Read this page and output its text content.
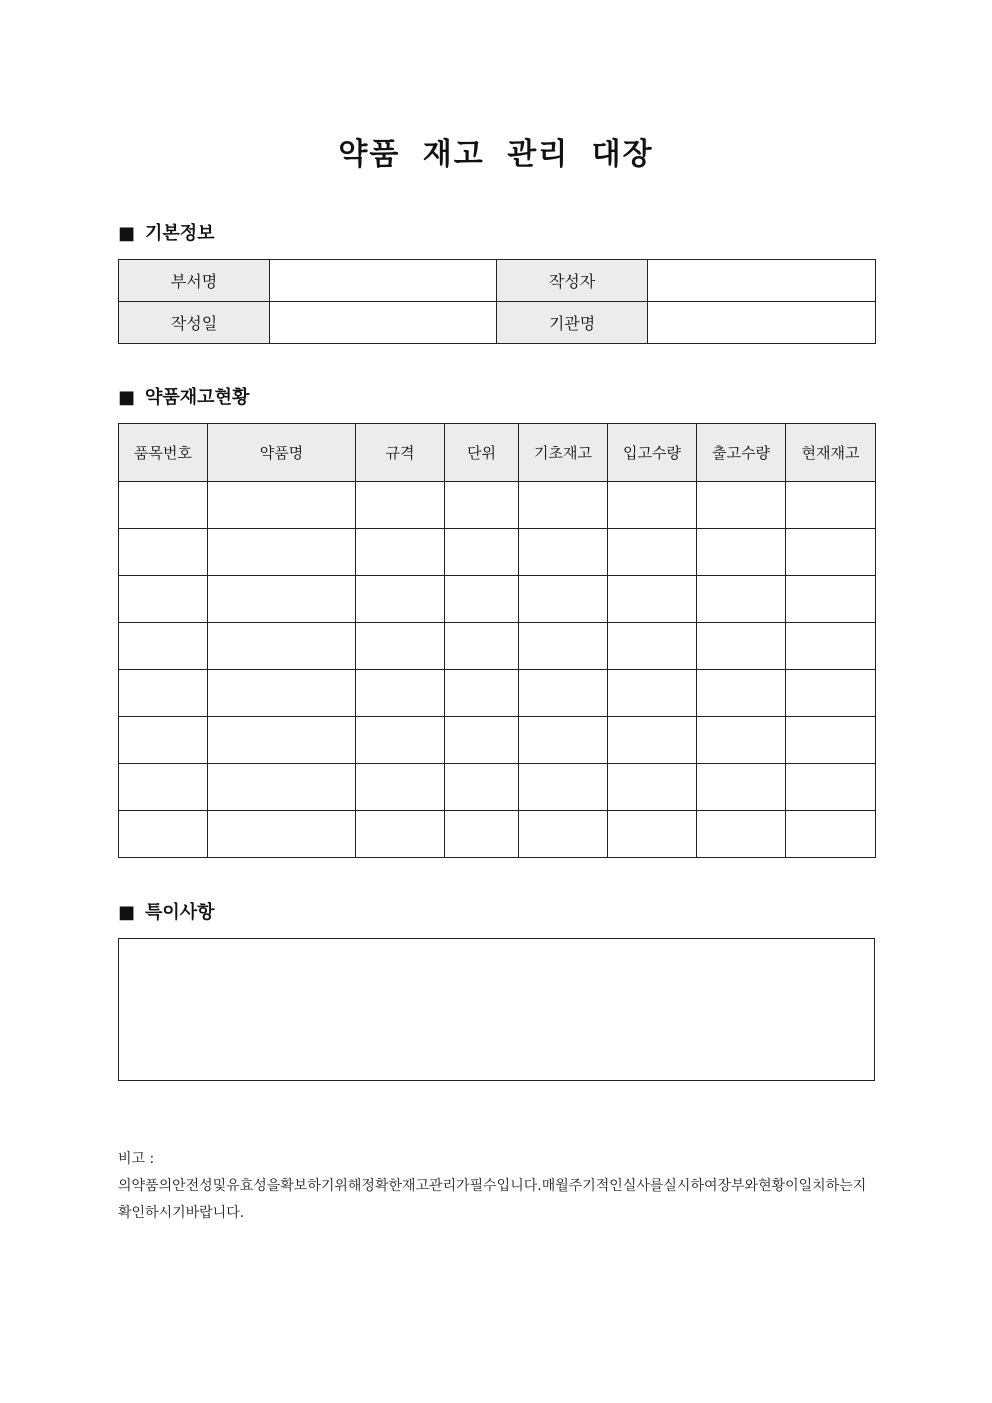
약품 재고 관리 대장
■ 기본정보
부서명		작성자	
작성일		기관명	
■ 약품재고현황
품목번호	약품명	규격	단위	기초재고	입고수량	출고수량	현재재고

■ 특이사항
비고 :
의약품의안전성및유효성을확보하기위해정확한재고관리가필수입니다.매월주기적인실사를실시하여장부와현황이일치하는지확인하시기바랍니다.
